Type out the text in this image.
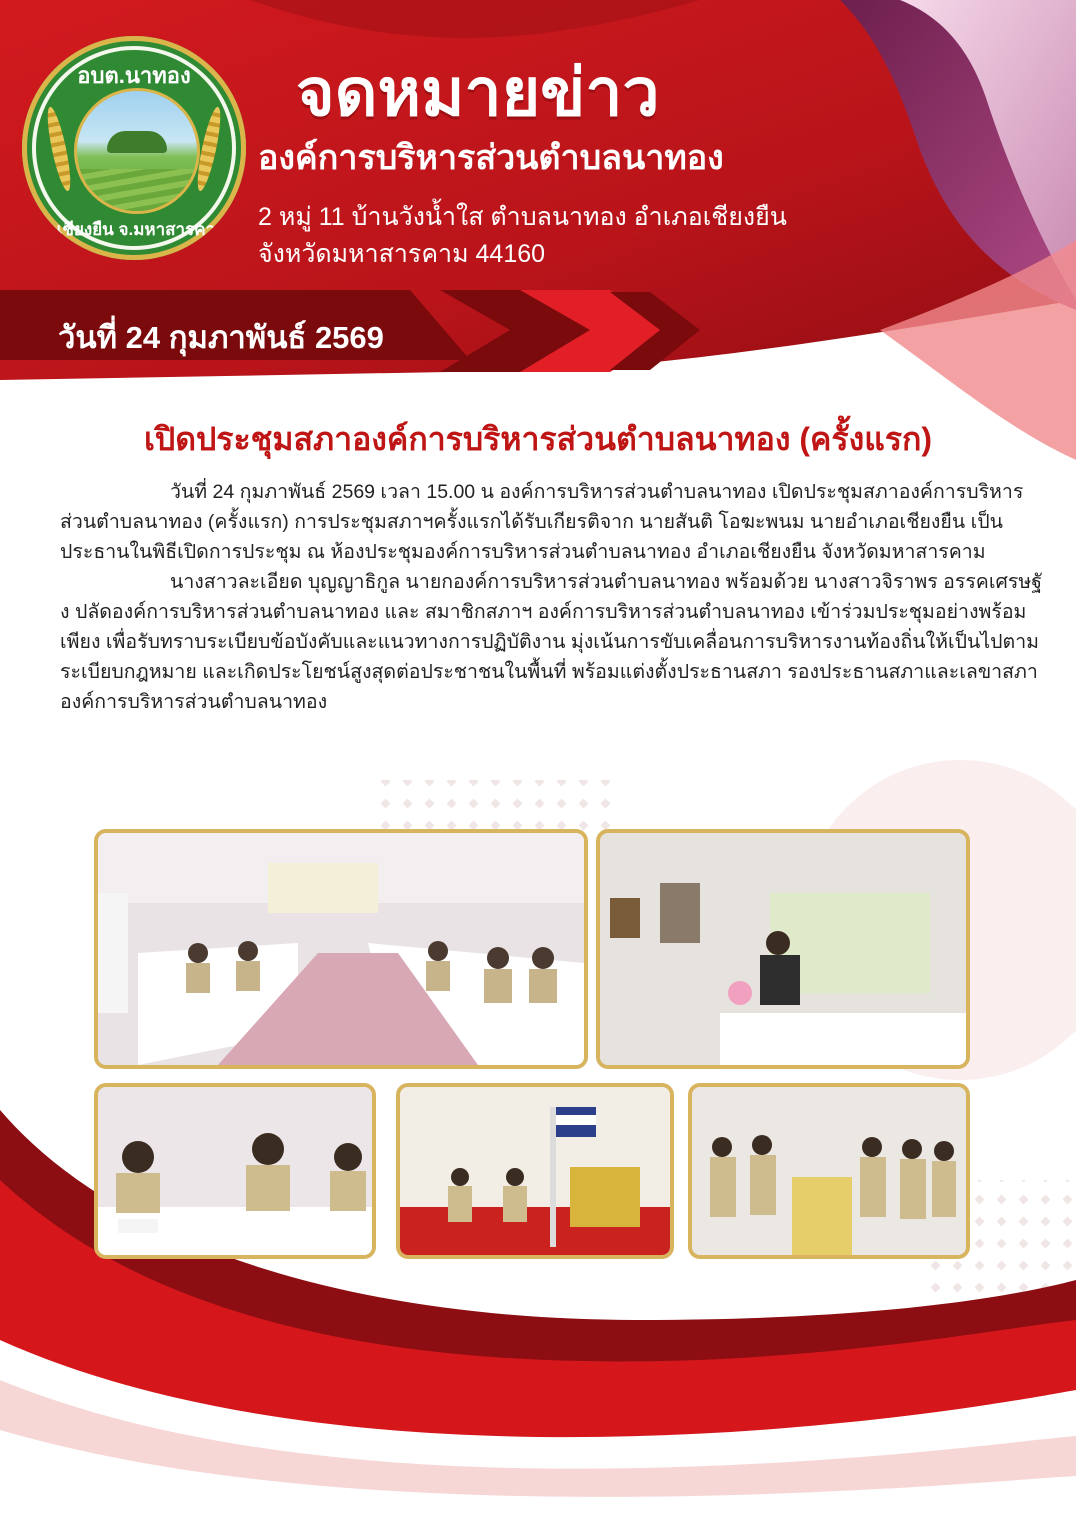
อบต.นาทอง
อ.เชียงยืน จ.มหาสารคาม
จดหมายข่าว
องค์การบริหารส่วนตำบลนาทอง
2 หมู่ 11 บ้านวังน้ำใส ตำบลนาทอง อำเภอเชียงยืน
จังหวัดมหาสารคาม 44160
วันที่ 24 กุมภาพันธ์ 2569
เปิดประชุมสภาองค์การบริหารส่วนตำบลนาทอง (ครั้งแรก)

วันที่ 24 กุมภาพันธ์ 2569 เวลา 15.00 น องค์การบริหารส่วนตำบลนาทอง เปิดประชุมสภาองค์การบริหารส่วนตำบลนาทอง (ครั้งแรก) การประชุมสภาฯครั้งแรกได้รับเกียรติจาก นายสันติ โอฆะพนม นายอำเภอเชียงยืน เป็นประธานในพิธีเปิดการประชุม ณ ห้องประชุมองค์การบริหารส่วนตำบลนาทอง อำเภอเชียงยืน จังหวัดมหาสารคาม

นางสาวละเอียด บุญญาธิกูล นายกองค์การบริหารส่วนตำบลนาทอง พร้อมด้วย นางสาวจิราพร อรรคเศรษฐัง ปลัดองค์การบริหารส่วนตำบลนาทอง และ สมาชิกสภาฯ องค์การบริหารส่วนตำบลนาทอง เข้าร่วมประชุมอย่างพร้อมเพียง เพื่อรับทราบระเบียบข้อบังคับและแนวทางการปฏิบัติงาน มุ่งเน้นการขับเคลื่อนการบริหารงานท้องถิ่นให้เป็นไปตามระเบียบกฎหมาย และเกิดประโยชน์สูงสุดต่อประชาชนในพื้นที่ พร้อมแต่งตั้งประธานสภา รองประธานสภาและเลขาสภาองค์การบริหารส่วนตำบลนาทอง
